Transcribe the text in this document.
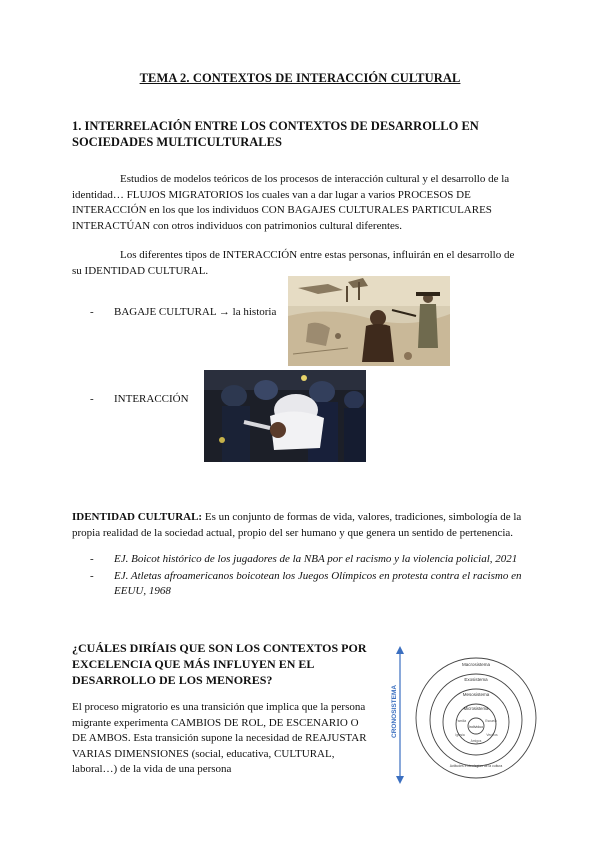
TEMA 2. CONTEXTOS DE INTERACCIÓN CULTURAL
1. INTERRELACIÓN ENTRE LOS CONTEXTOS DE DESARROLLO EN SOCIEDADES MULTICULTURALES
Estudios de modelos teóricos de los procesos de interacción cultural y el desarrollo de la identidad… FLUJOS MIGRATORIOS los cuales van a dar lugar a varios PROCESOS DE INTERACCIÓN en los que los individuos CON BAGAJES CULTURALES PARTICULARES INTERACTÚAN con otros individuos con patrimonios cultural diferentes.
Los diferentes tipos de INTERACCIÓN entre estas personas, influirán en el desarrollo de su IDENTIDAD CULTURAL.
- BAGAJE CULTURAL → la historia
- INTERACCIÓN
IDENTIDAD CULTURAL: Es un conjunto de formas de vida, valores, tradiciones, simbología de la propia realidad de la sociedad actual, propio del ser humano y que genera un sentido de pertenencia.
-	EJ. Boicot histórico de los jugadores de la NBA por el racismo y la violencia policial, 2021
-	EJ. Atletas afroamericanos boicotean los Juegos Olímpicos en protesta contra el racismo en EEUU, 1968
¿CUÁLES DIRÍAIS QUE SON LOS CONTEXTOS POR EXCELENCIA QUE MÁS INFLUYEN EN EL DESARROLLO DE LOS MENORES?
El proceso migratorio es una transición que implica que la persona migrante experimenta CAMBIOS DE ROL, DE ESCENARIO O DE AMBOS. Esta transición supone la necesidad de REAJUSTAR VARIAS DIMENSIONES (social, educativa, CULTURAL, laboral…) de la vida de una persona
CRONOSISTEMA
Macrosistema
Exosistema
Mesosistema
Microsistema
Individuo
Familia	Escuela
Iglesia	Vecinos
Amigos
Actitudes e ideologías de la cultura
